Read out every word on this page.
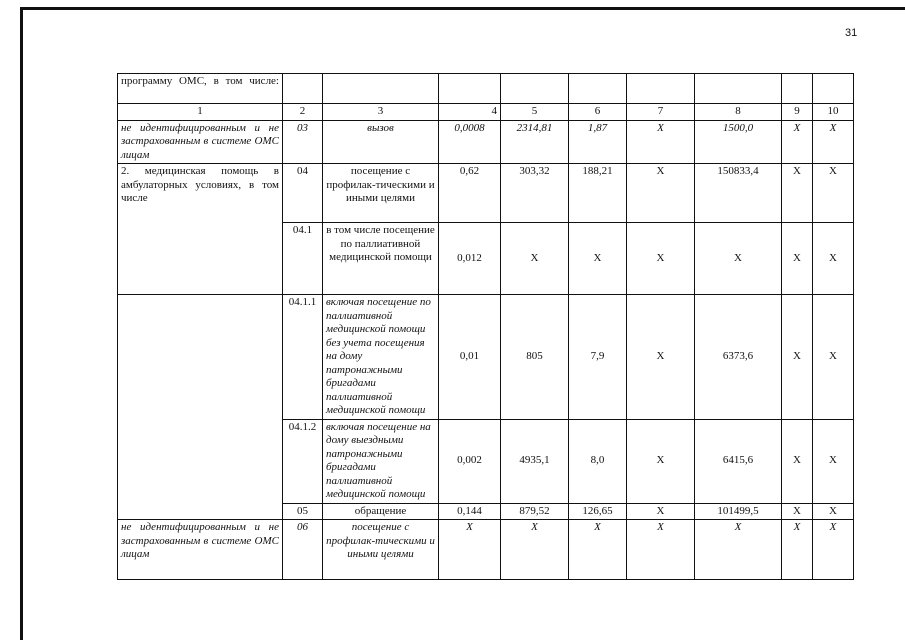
31
программу ОМС, в том числе:									
1	2	3	4	5	6	7	8	9	10
не идентифицированным и не застрахованным в системе ОМС лицам	03	вызов	0,0008	2314,81	1,87	X	1500,0	X	X
2. медицинская помощь в амбулаторных условиях, в том числе	04	посещение с профилак-тическими и иными целями	0,62	303,32	188,21	X	150833,4	X	X
	04.1	в том числе посещение по паллиативной медицинской помощи	0,012	X	X	X	X	X	X
	04.1.1	включая посещение по паллиативной медицинской помощи без учета посещения на дому патронажными бригадами паллиативной медицинской помощи	0,01	805	7,9	X	6373,6	X	X
	04.1.2	включая посещение на дому выездными патронажными бригадами паллиативной медицинской помощи	0,002	4935,1	8,0	X	6415,6	X	X
	05	обращение	0,144	879,52	126,65	X	101499,5	X	X
не идентифицированным и не застрахованным в системе ОМС лицам	06	посещение с профилак-тическими и иными целями	X	X	X	X	X	X	X
